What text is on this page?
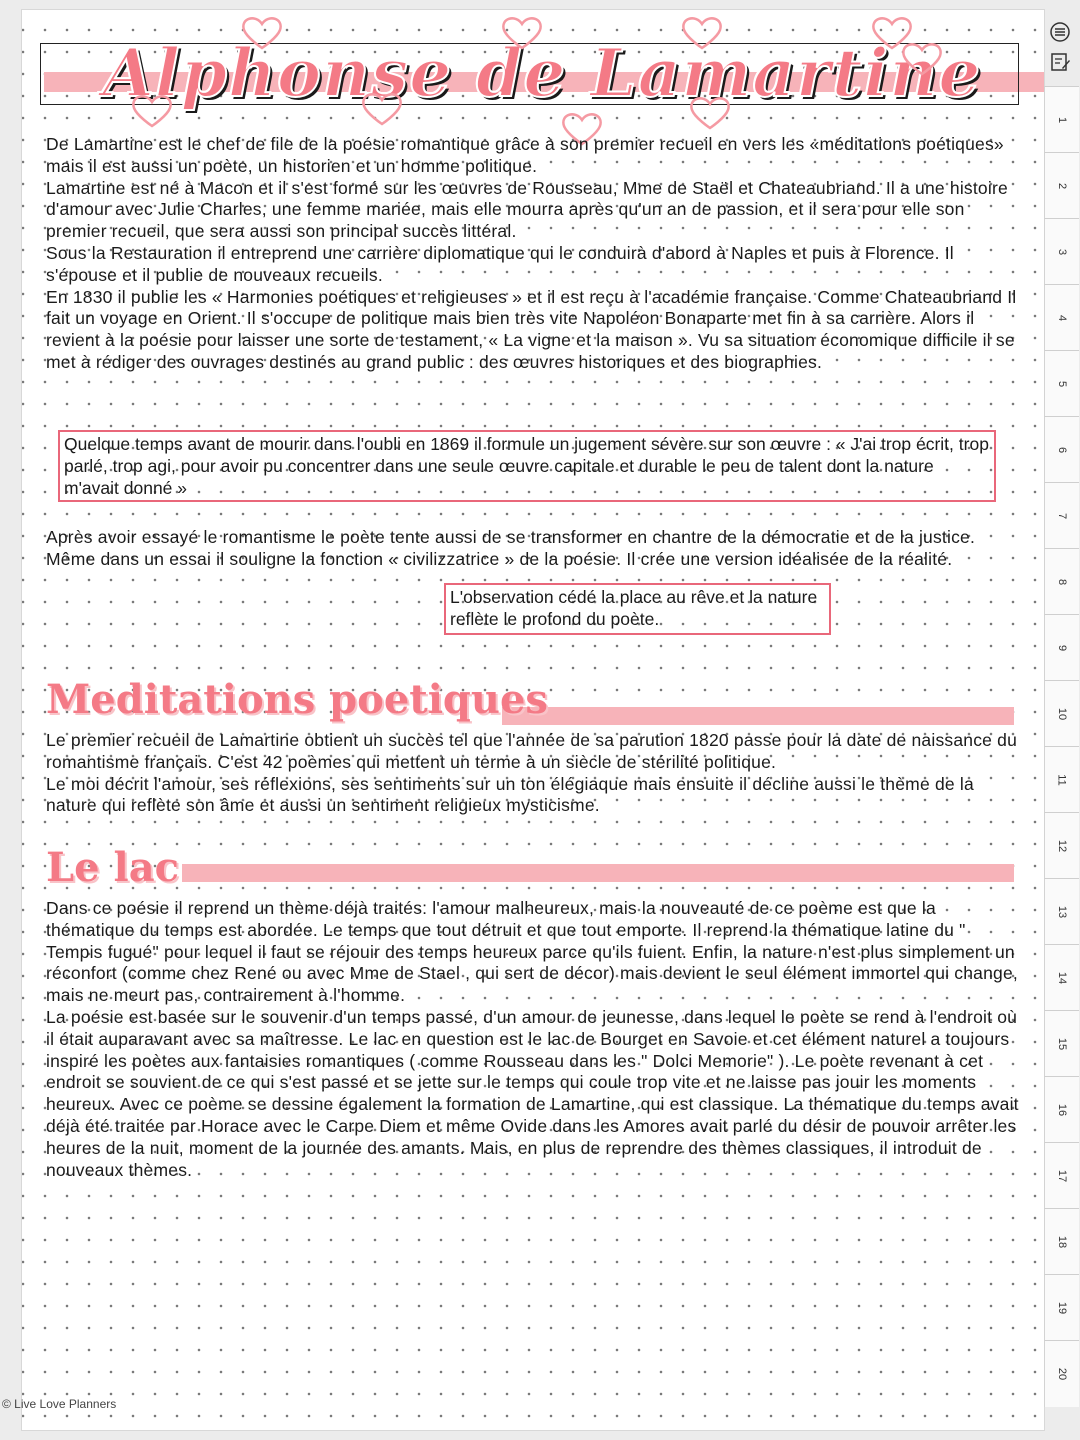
Alphonse de Lamartine

De Lamartine est le chef de file de la poésie romantique grâce à son premier recueil en vers les «méditations poétiques» mais il est aussi un poète, un historien et un homme politique.

Lamartine est né à Macon et il s'est formé sur les œuvres de Rousseau, Mme de Staël et Chateaubriand. Il a une histoire d'amour avec Julie Charles, une femme mariée, mais elle mourra après qu'un an de passion, et il sera pour elle son premier recueil, que sera aussi son principal succès littéral.

Sous la Restauration il entreprend une carrière diplomatique qui le conduirà d'abord à Naples et puis à Florence. Il s'épouse et il publie de nouveaux recueils.

En 1830 il publie les « Harmonies poétiques et religieuses » et il est reçu à l'académie française. Comme Chateaubriand Il fait un voyage en Orient. Il s'occupe de politique mais bien très vite Napoléon Bonaparte met fin à sa carrière. Alors il revient à la poésie pour laisser une sorte de testament, « La vigne et la maison ». Vu sa situation économique difficile il se met à rédiger des ouvrages destinés au grand public : des œuvres historiques et des biographies.

Quelque temps avant de mourir dans l'oubli en 1869 il formule un jugement sévère sur son œuvre : « J'ai trop écrit, trop parlé, trop agi, pour avoir pu concentrer dans une seule œuvre capitale et durable le peu de talent dont la nature m'avait donné »
Après avoir essayé le romantisme le poète tente aussi de se transformer en chantre de la démocratie et de la justice. Même dans un essai il souligne la fonction « civilizzatrice » de la poésie. Il crée une version idéalisée de la réalité.
L'observation cédé la place au rêve et la nature reflète le profond du poète.
Meditations poetiques

Le premier recueil de Lamartine obtient un succès tel que l'année de sa parution 1820 passe pour la date de naissance du romantisme français. C'est 42 poèmes qui mettent un terme à un siècle de stérilité politique.

Le moi décrit l'amour, ses réflexions, ses sentiments sur un ton élégiaque mais ensuite il décline aussi le thème de la nature qui reflète son âme et aussi un sentiment religieux mysticisme.

Le lac

Dans ce poésie il reprend un thème déjà traités: l'amour malheureux, mais la nouveauté de ce poème est que la thématique du temps est abordée. Le temps que tout détruit et que tout emporte. Il reprend la thématique latine du " Tempis fugué" pour lequel il faut se réjouir des temps heureux parce qu'ils fuient. Enfin, la nature n'est plus simplement un réconfort (comme chez René ou avec Mme de Stael , qui sert de décor) mais devient le seul élément immortel qui change, mais ne meurt pas, contrairement à l'homme.

La poésie est basée sur le souvenir d'un temps passé, d'un amour de jeunesse, dans lequel le poète se rend à l'endroit où il était auparavant avec sa maîtresse. Le lac en question est le lac de Bourget en Savoie et cet élément naturel a toujours inspiré les poètes aux fantaisies romantiques ( comme Rousseau dans les " Dolci Memorie" ). Le poète revenant à cet endroit se souvient de ce qui s'est passé et se jette sur le temps qui coule trop vite et ne laisse pas jouir les moments heureux. Avec ce poème se dessine également la formation de Lamartine, qui est classique. La thématique du temps avait déjà été traitée par Horace avec le Carpe Diem et même Ovide dans les Amores avait parlé du désir de pouvoir arrêter les heures de la nuit, moment de la journée des amants. Mais, en plus de reprendre des thèmes classiques, il introduit de nouveaux thèmes.

1
2
3
4
5
6
7
8
9
10
11
12
13
14
15
16
17
18
19
20
© Live Love Planners
